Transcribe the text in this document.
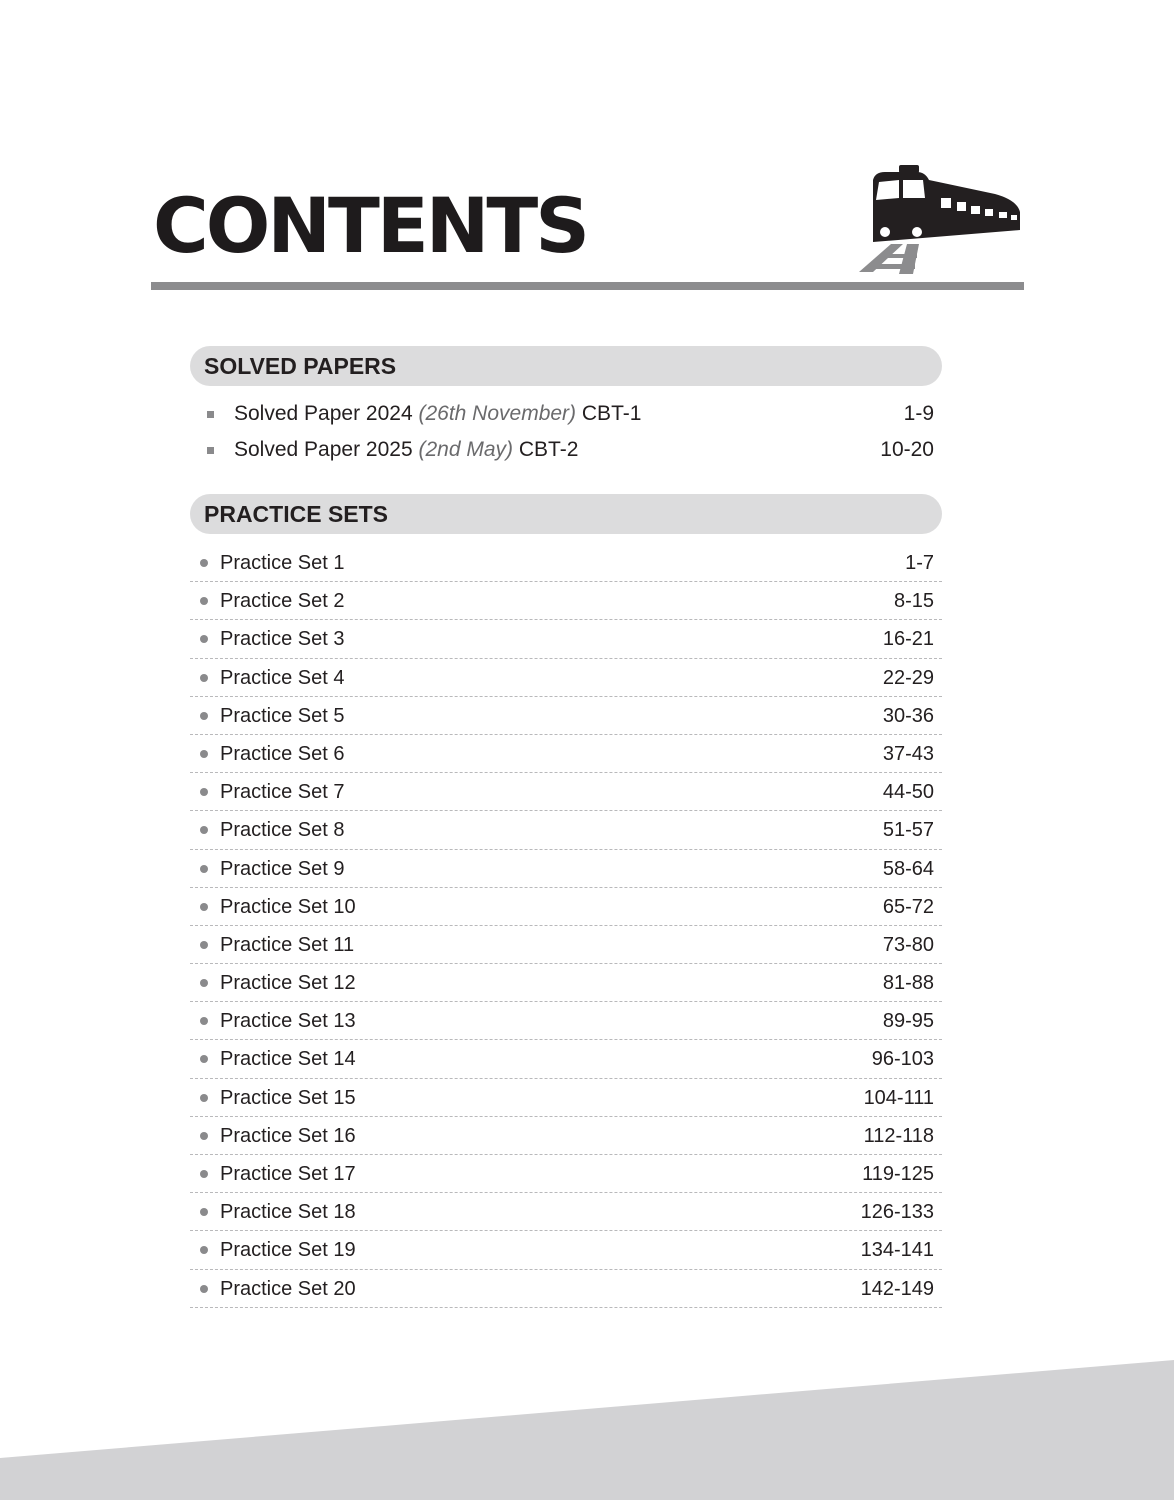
CONTENTS
SOLVED PAPERS
Solved Paper 2024 (26th November) CBT-1	1-9
Solved Paper 2025 (2nd May) CBT-2	10-20
PRACTICE SETS
Practice Set 1	1-7
Practice Set 2	8-15
Practice Set 3	16-21
Practice Set 4	22-29
Practice Set 5	30-36
Practice Set 6	37-43
Practice Set 7	44-50
Practice Set 8	51-57
Practice Set 9	58-64
Practice Set 10	65-72
Practice Set 11	73-80
Practice Set 12	81-88
Practice Set 13	89-95
Practice Set 14	96-103
Practice Set 15	104-111
Practice Set 16	112-118
Practice Set 17	119-125
Practice Set 18	126-133
Practice Set 19	134-141
Practice Set 20	142-149
